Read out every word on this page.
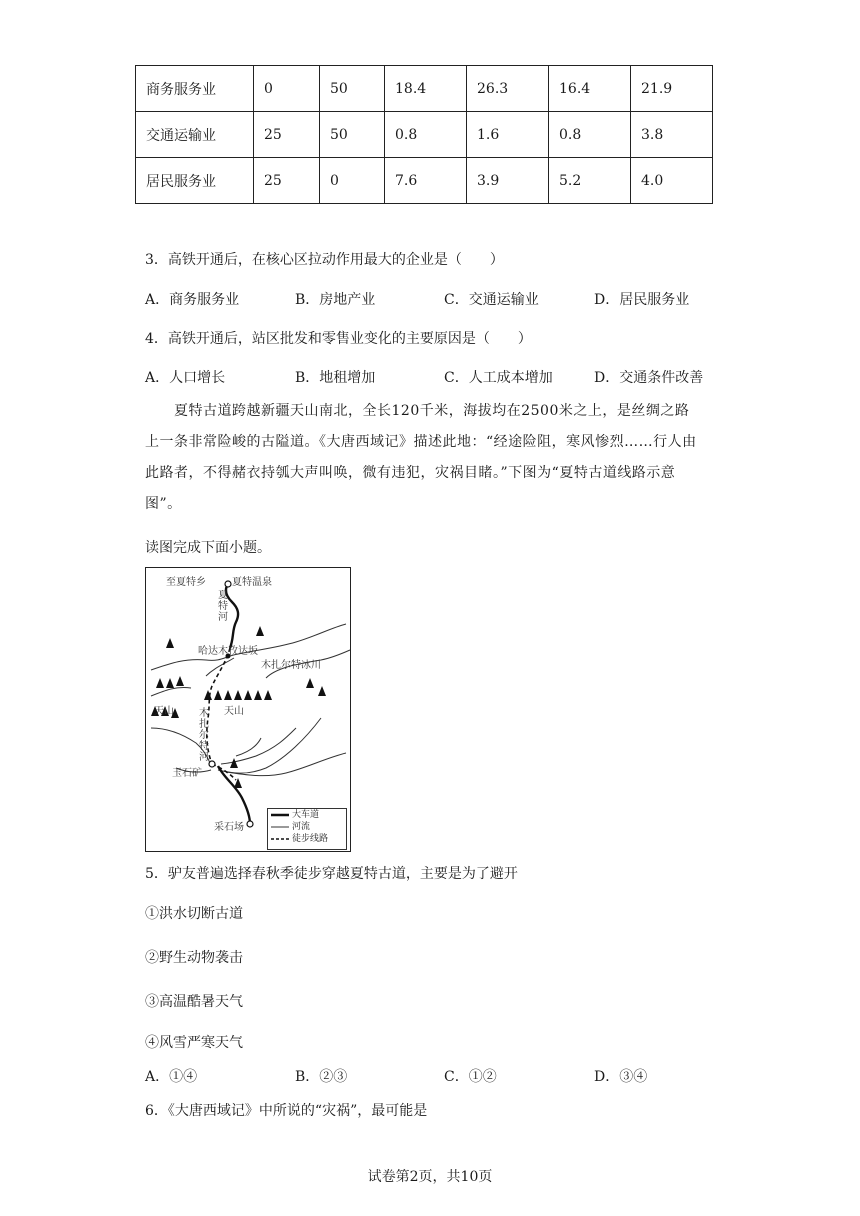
商务服务业	0	50	18.4	26.3	16.4	21.9
交通运输业	25	50	0.8	1.6	0.8	3.8
居民服务业	25	0	7.6	3.9	5.2	4.0
3．高铁开通后，在核心区拉动作用最大的企业是（　　）
A．商务服务业	B．房地产业	C．交通运输业	D．居民服务业
4．高铁开通后，站区批发和零售业变化的主要原因是（　　）
A．人口增长	B．地租增加	C．人工成本增加	D．交通条件改善
　　夏特古道跨越新疆天山南北，全长120千米，海拔均在2500米之上，是丝绸之路
上一条非常险峻的古隘道。《大唐西域记》描述此地：“经途险阻，寒风惨烈……行人由
此路者，不得赭衣持瓠大声叫唤，微有违犯，灾祸目睹。”下图为“夏特古道线路示意
图”。
读图完成下面小题。
至夏特乡	夏特温泉
夏特河
哈达木孜达坂
木扎尔特冰川
天山	天山
木扎尔特河
玉石矿
采石场
大车道
河流
徒步线路
5．驴友普遍选择春秋季徒步穿越夏特古道，主要是为了避开
①洪水切断古道
②野生动物袭击
③高温酷暑天气
④风雪严寒天气
A．①④	B．②③	C．①②	D．③④
6．《大唐西域记》中所说的“灾祸”，最可能是
试卷第2页，共10页
